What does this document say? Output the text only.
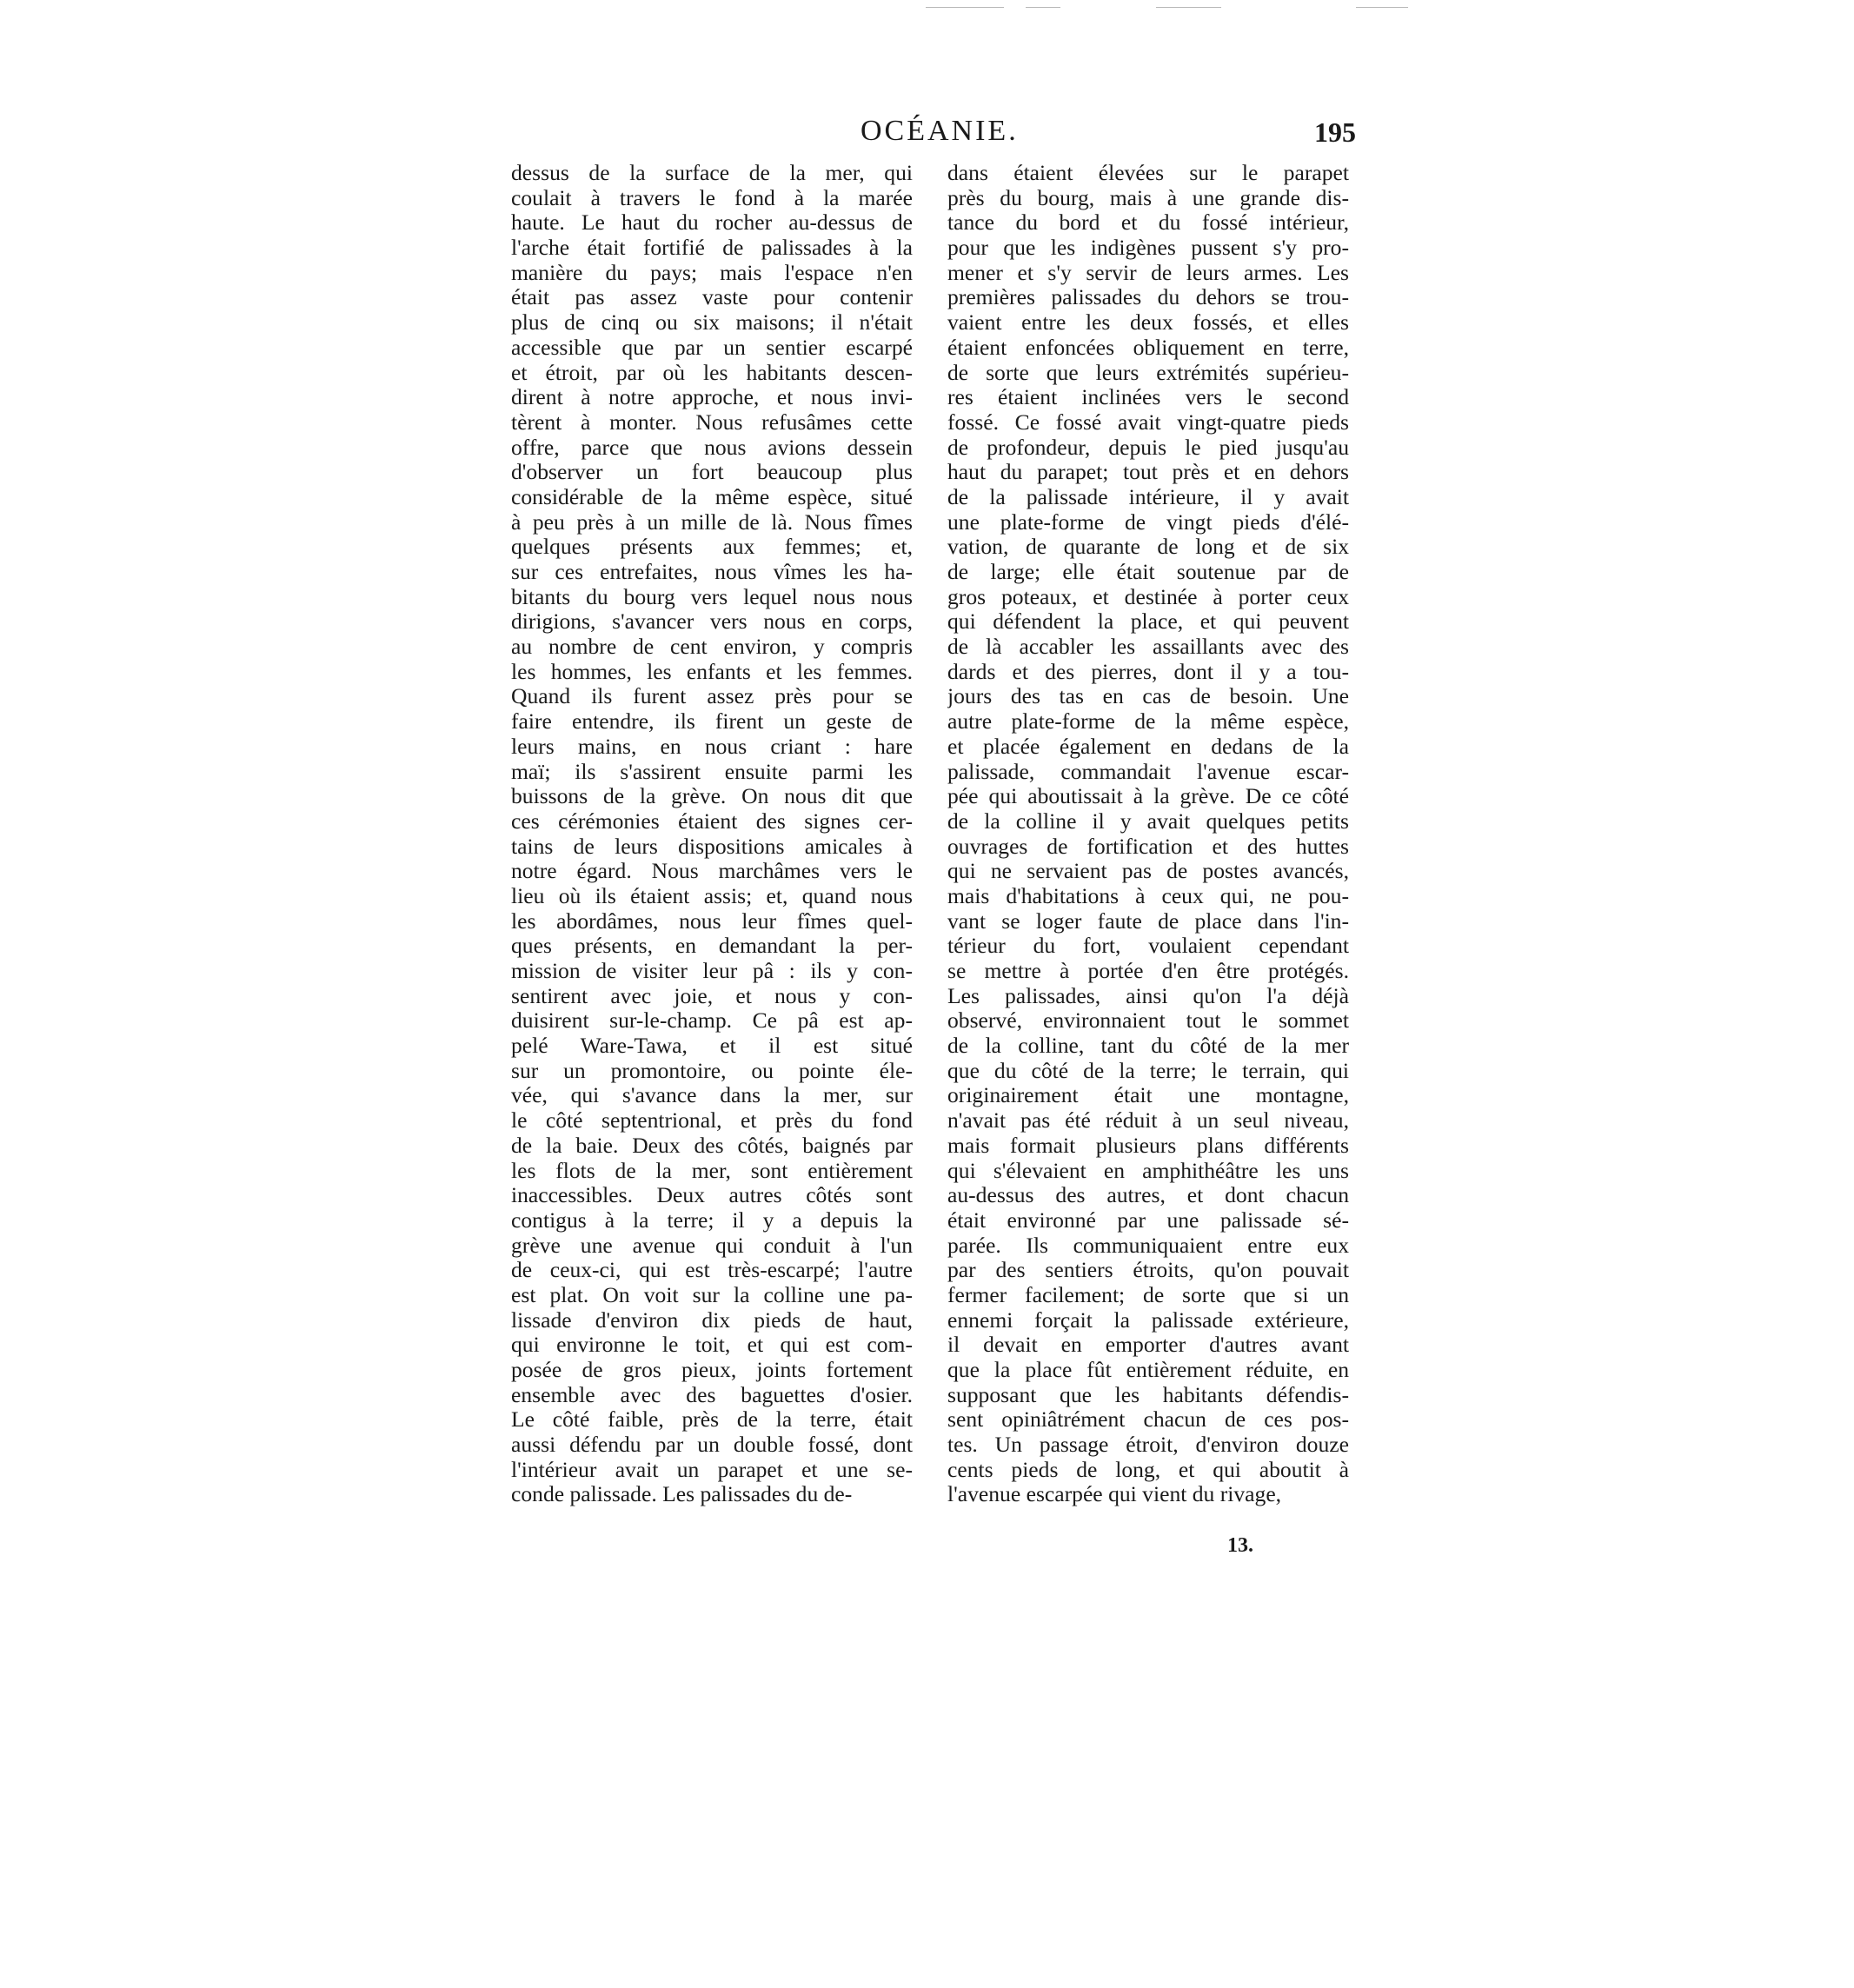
OCÉANIE.	195
dessus de la surface de la mer, qui
coulait à travers le fond à la marée
haute. Le haut du rocher au-dessus de
l'arche était fortifié de palissades à la
manière du pays; mais l'espace n'en
était pas assez vaste pour contenir
plus de cinq ou six maisons; il n'était
accessible que par un sentier escarpé
et étroit, par où les habitants descen-
dirent à notre approche, et nous invi-
tèrent à monter. Nous refusâmes cette
offre, parce que nous avions dessein
d'observer un fort beaucoup plus
considérable de la même espèce, situé
à peu près à un mille de là. Nous fîmes
quelques présents aux femmes; et,
sur ces entrefaites, nous vîmes les ha-
bitants du bourg vers lequel nous nous
dirigions, s'avancer vers nous en corps,
au nombre de cent environ, y compris
les hommes, les enfants et les femmes.
Quand ils furent assez près pour se
faire entendre, ils firent un geste de
leurs mains, en nous criant : hare
maï; ils s'assirent ensuite parmi les
buissons de la grève. On nous dit que
ces cérémonies étaient des signes cer-
tains de leurs dispositions amicales à
notre égard. Nous marchâmes vers le
lieu où ils étaient assis; et, quand nous
les abordâmes, nous leur fîmes quel-
ques présents, en demandant la per-
mission de visiter leur pâ : ils y con-
sentirent avec joie, et nous y con-
duisirent sur-le-champ. Ce pâ est ap-
pelé Ware-Tawa, et il est situé
sur un promontoire, ou pointe éle-
vée, qui s'avance dans la mer, sur
le côté septentrional, et près du fond
de la baie. Deux des côtés, baignés par
les flots de la mer, sont entièrement
inaccessibles. Deux autres côtés sont
contigus à la terre; il y a depuis la
grève une avenue qui conduit à l'un
de ceux-ci, qui est très-escarpé; l'autre
est plat. On voit sur la colline une pa-
lissade d'environ dix pieds de haut,
qui environne le toit, et qui est com-
posée de gros pieux, joints fortement
ensemble avec des baguettes d'osier.
Le côté faible, près de la terre, était
aussi défendu par un double fossé, dont
l'intérieur avait un parapet et une se-
conde palissade. Les palissades du de-
dans étaient élevées sur le parapet
près du bourg, mais à une grande dis-
tance du bord et du fossé intérieur,
pour que les indigènes pussent s'y pro-
mener et s'y servir de leurs armes. Les
premières palissades du dehors se trou-
vaient entre les deux fossés, et elles
étaient enfoncées obliquement en terre,
de sorte que leurs extrémités supérieu-
res étaient inclinées vers le second
fossé. Ce fossé avait vingt-quatre pieds
de profondeur, depuis le pied jusqu'au
haut du parapet; tout près et en dehors
de la palissade intérieure, il y avait
une plate-forme de vingt pieds d'élé-
vation, de quarante de long et de six
de large; elle était soutenue par de
gros poteaux, et destinée à porter ceux
qui défendent la place, et qui peuvent
de là accabler les assaillants avec des
dards et des pierres, dont il y a tou-
jours des tas en cas de besoin. Une
autre plate-forme de la même espèce,
et placée également en dedans de la
palissade, commandait l'avenue escar-
pée qui aboutissait à la grève. De ce côté
de la colline il y avait quelques petits
ouvrages de fortification et des huttes
qui ne servaient pas de postes avancés,
mais d'habitations à ceux qui, ne pou-
vant se loger faute de place dans l'in-
térieur du fort, voulaient cependant
se mettre à portée d'en être protégés.
Les palissades, ainsi qu'on l'a déjà
observé, environnaient tout le sommet
de la colline, tant du côté de la mer
que du côté de la terre; le terrain, qui
originairement était une montagne,
n'avait pas été réduit à un seul niveau,
mais formait plusieurs plans différents
qui s'élevaient en amphithéâtre les uns
au-dessus des autres, et dont chacun
était environné par une palissade sé-
parée. Ils communiquaient entre eux
par des sentiers étroits, qu'on pouvait
fermer facilement; de sorte que si un
ennemi forçait la palissade extérieure,
il devait en emporter d'autres avant
que la place fût entièrement réduite, en
supposant que les habitants défendis-
sent opiniâtrément chacun de ces pos-
tes. Un passage étroit, d'environ douze
cents pieds de long, et qui aboutit à
l'avenue escarpée qui vient du rivage,
13.
